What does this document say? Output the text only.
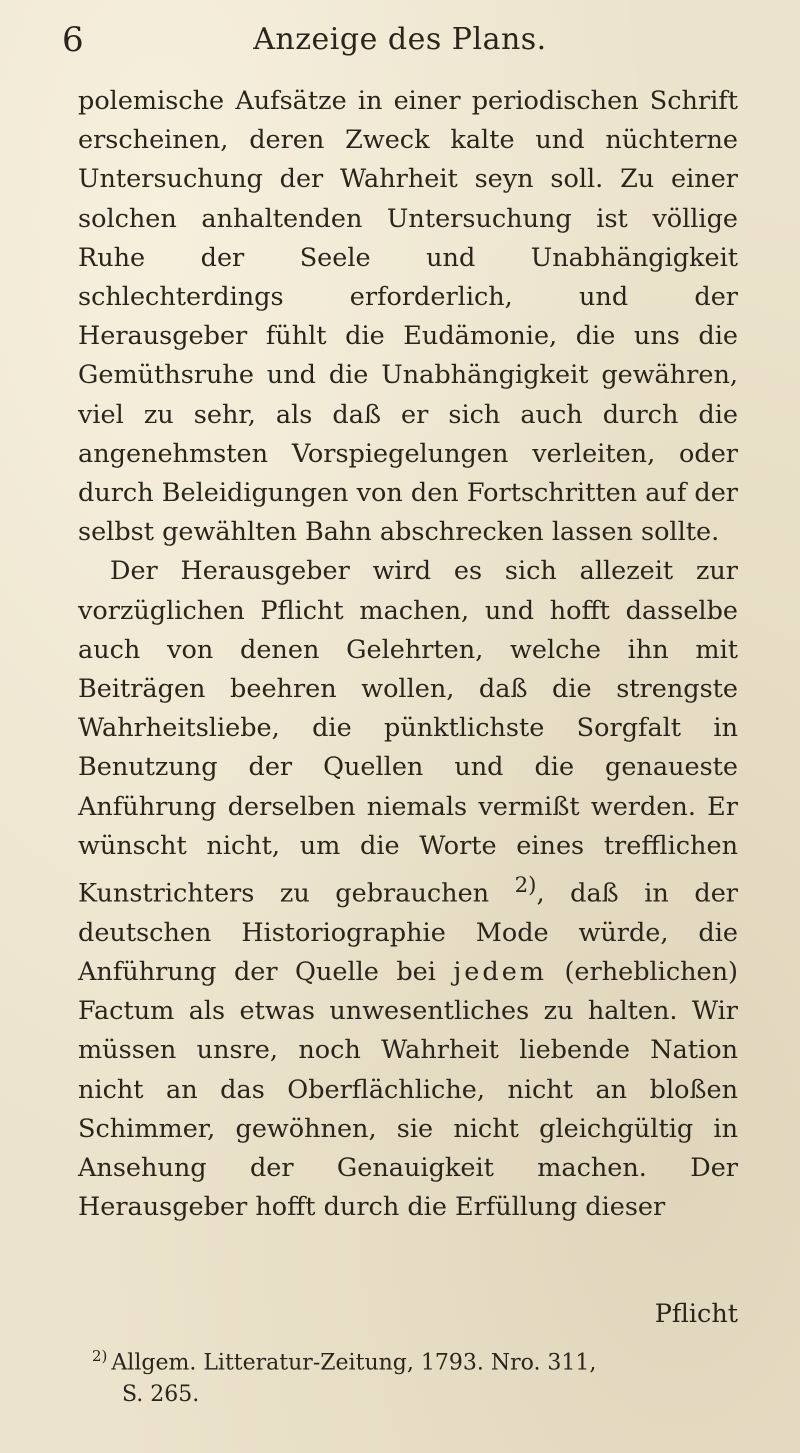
6	Anzeige des Plans.

polemische Aufsätze in einer periodischen Schrift erscheinen, deren Zweck kalte und nüchterne Untersuchung der Wahrheit seyn soll. Zu einer solchen anhaltenden Untersuchung ist völlige Ruhe der Seele und Unabhängigkeit schlechterdings erforderlich, und der Herausgeber fühlt die Eudämonie, die uns die Gemüthsruhe und die Unabhängigkeit gewähren, viel zu sehr, als daß er sich auch durch die angenehmsten Vorspiegelungen verleiten, oder durch Beleidigungen von den Fortschritten auf der selbst gewählten Bahn abschrecken lassen sollte.

Der Herausgeber wird es sich allezeit zur vorzüglichen Pflicht machen, und hofft dasselbe auch von denen Gelehrten, welche ihn mit Beiträgen beehren wollen, daß die strengste Wahrheitsliebe, die pünktlichste Sorgfalt in Benutzung der Quellen und die genaueste Anführung derselben niemals vermißt werden. Er wünscht nicht, um die Worte eines trefflichen Kunstrichters zu gebrauchen $^{2)}$, daß in der deutschen Historiographie Mode würde, die Anführung der Quelle bei jedem (erheblichen) Factum als etwas unwesentliches zu halten. Wir müssen unsre, noch Wahrheit liebende Nation nicht an das Oberflächliche, nicht an bloßen Schimmer, gewöhnen, sie nicht gleichgültig in Ansehung der Genauigkeit machen. Der Herausgeber hofft durch die Erfüllung dieser

Pflicht
$^{2)}$ Allgem. Litteratur-Zeitung, 1793. Nro. 311,
S. 265.
